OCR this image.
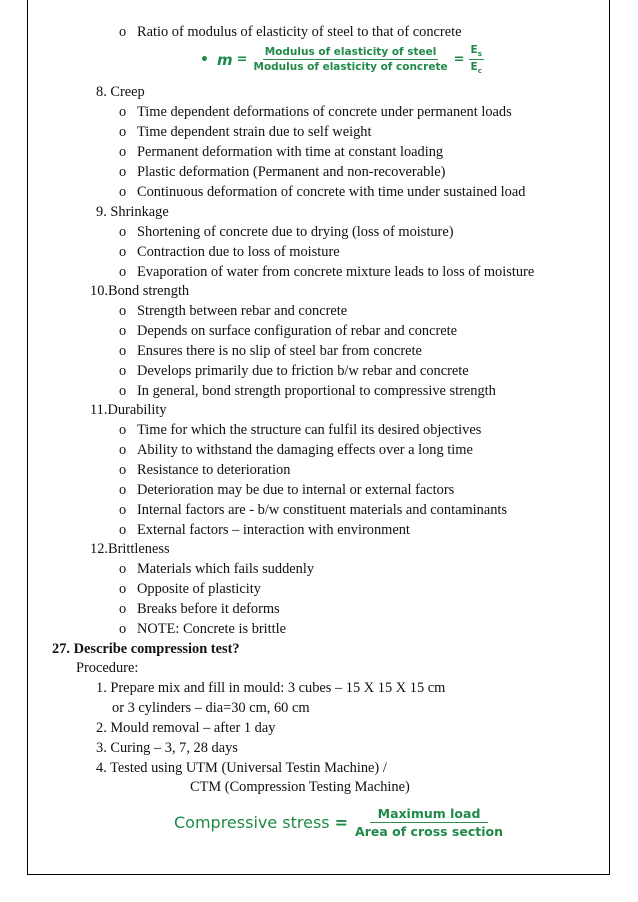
o Ratio of modulus of elasticity of steel to that of concrete
• $m = \frac{\text{Modulus of elasticity of steel}}{\text{Modulus of elasticity of concrete}} = \frac{E_s}{E_c}$
8. Creep
o Time dependent deformations of concrete under permanent loads
o Time dependent strain due to self weight
o Permanent deformation with time at constant loading
o Plastic deformation (Permanent and non-recoverable)
o Continuous deformation of concrete with time under sustained load
9. Shrinkage
o Shortening of concrete due to drying (loss of moisture)
o Contraction due to loss of moisture
o Evaporation of water from concrete mixture leads to loss of moisture
10.Bond strength
o Strength between rebar and concrete
o Depends on surface configuration of rebar and concrete
o Ensures there is no slip of steel bar from concrete
o Develops primarily due to friction b/w rebar and concrete
o In general, bond strength proportional to compressive strength
11.Durability
o Time for which the structure can fulfil its desired objectives
o Ability to withstand the damaging effects over a long time
o Resistance to deterioration
o Deterioration may be due to internal or external factors
o Internal factors are - b/w constituent materials and contaminants
o External factors – interaction with environment
12.Brittleness
o Materials which fails suddenly
o Opposite of plasticity
o Breaks before it deforms
o NOTE: Concrete is brittle
27. Describe compression test?
Procedure:
1. Prepare mix and fill in mould: 3 cubes – 15 X 15 X 15 cm
or 3 cylinders – dia=30 cm, 60 cm
2. Mould removal – after 1 day
3. Curing – 3, 7, 28 days
4. Tested using UTM (Universal Testin Machine) /
CTM (Compression Testing Machine)
Compressive stress = $\frac{\text{Maximum load}}{\text{Area of cross section}}$
